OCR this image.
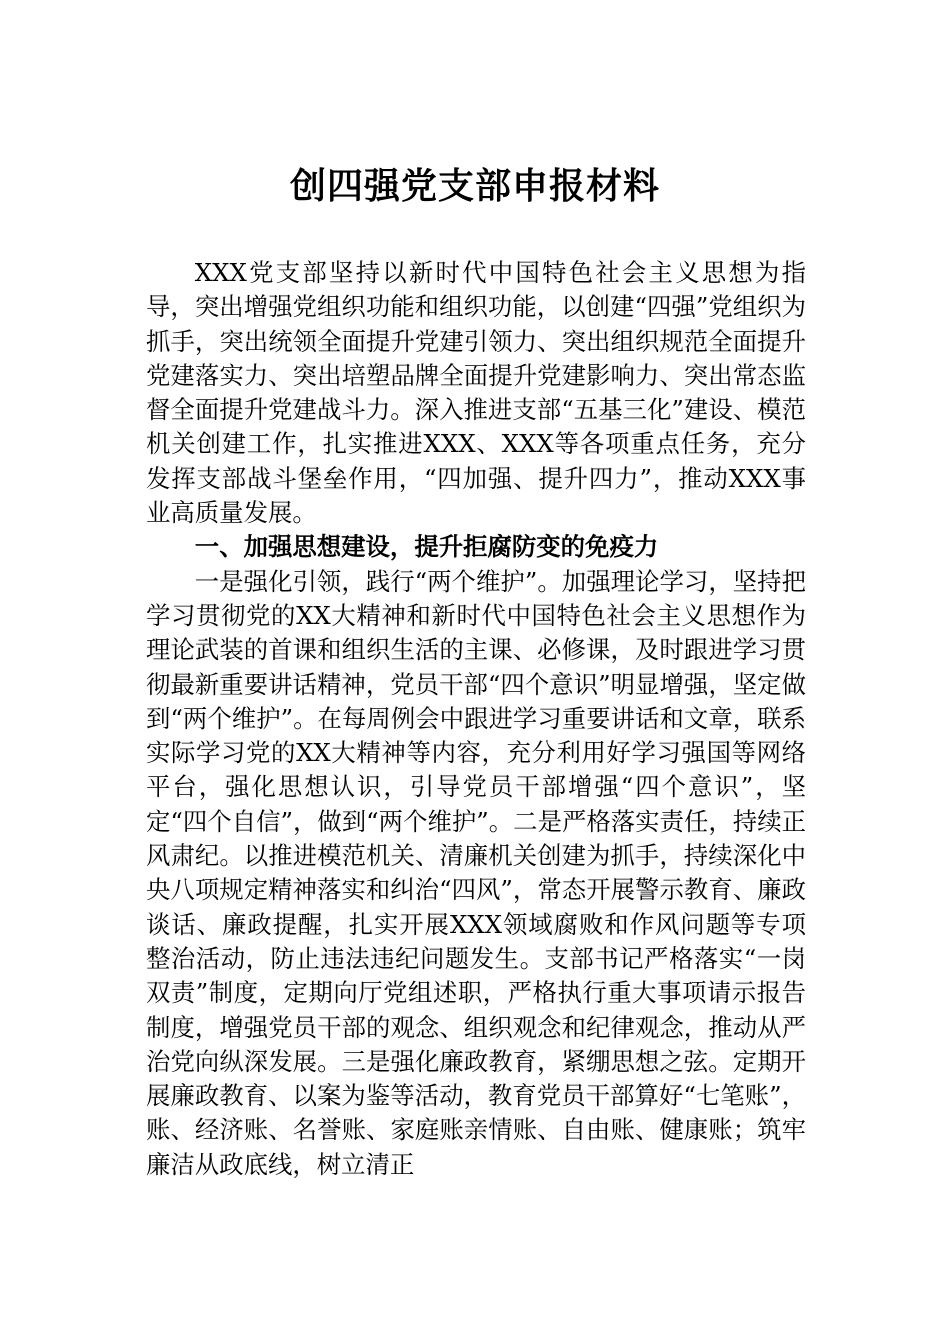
创四强党支部申报材料

XXX党支部坚持以新时代中国特色社会主义思想为指导，突出增强党组织功能和组织功能，以创建“四强”党组织为抓手，突出统领全面提升党建引领力、突出组织规范全面提升党建落实力、突出培塑品牌全面提升党建影响力、突出常态监督全面提升党建战斗力。深入推进支部“五基三化”建设、模范机关创建工作，扎实推进XXX、XXX等各项重点任务，充分发挥支部战斗堡垒作用，“四加强、提升四力”，推动XXX事业高质量发展。

一、加强思想建设，提升拒腐防变的免疫力

一是强化引领，践行“两个维护”。加强理论学习，坚持把学习贯彻党的XX大精神和新时代中国特色社会主义思想作为理论武装的首课和组织生活的主课、必修课，及时跟进学习贯彻最新重要讲话精神，党员干部“四个意识”明显增强，坚定做到“两个维护”。在每周例会中跟进学习重要讲话和文章，联系实际学习党的XX大精神等内容，充分利用好学习强国等网络平台，强化思想认识，引导党员干部增强“四个意识”，坚定“四个自信”，做到“两个维护”。二是严格落实责任，持续正风肃纪。以推进模范机关、清廉机关创建为抓手，持续深化中央八项规定精神落实和纠治“四风”，常态开展警示教育、廉政谈话、廉政提醒，扎实开展XXX领域腐败和作风问题等专项整治活动，防止违法违纪问题发生。支部书记严格落实“一岗双责”制度，定期向厅党组述职，严格执行重大事项请示报告制度，增强党员干部的观念、组织观念和纪律观念，推动从严治党向纵深发展。三是强化廉政教育，紧绷思想之弦。定期开展廉政教育、以案为鉴等活动，教育党员干部算好“七笔账”，账、经济账、名誉账、家庭账亲情账、自由账、健康账；筑牢廉洁从政底线，树立清正
